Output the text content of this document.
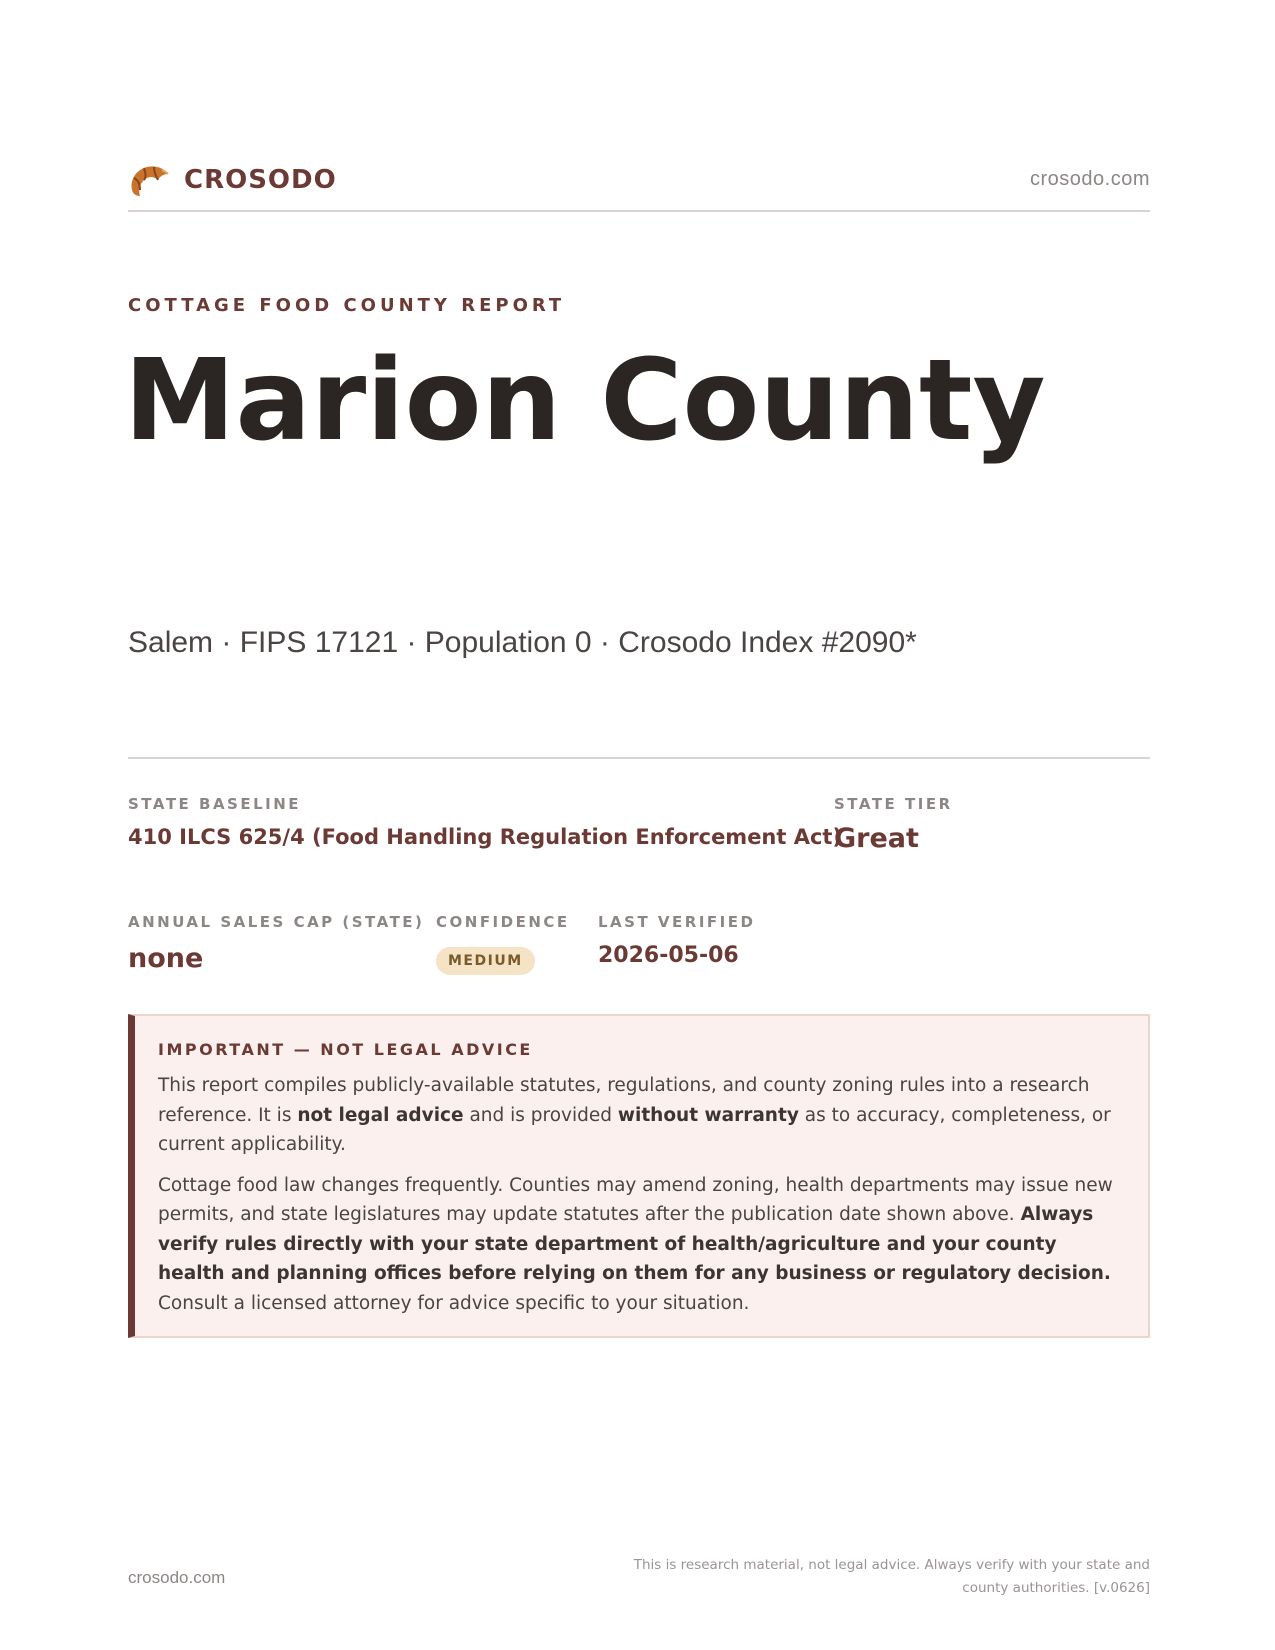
CROSODO	crosodo.com
COTTAGE FOOD COUNTY REPORT
Marion County
Salem · FIPS 17121 · Population 0 · Crosodo Index #2090*
STATE BASELINE
410 ILCS 625/4 (Food Handling Regulation Enforcement Act)
STATE TIER
Great
ANNUAL SALES CAP (STATE)
none
CONFIDENCE
MEDIUM
LAST VERIFIED
2026-05-06
IMPORTANT — NOT LEGAL ADVICE

This report compiles publicly-available statutes, regulations, and county zoning rules into a research reference. It is not legal advice and is provided without warranty as to accuracy, completeness, or current applicability.

Cottage food law changes frequently. Counties may amend zoning, health departments may issue new permits, and state legislatures may update statutes after the publication date shown above. Always verify rules directly with your state department of health/agriculture and your county health and planning offices before relying on them for any business or regulatory decision. Consult a licensed attorney for advice specific to your situation.

crosodo.com
This is research material, not legal advice. Always verify with your state and county authorities. [v.0626]
